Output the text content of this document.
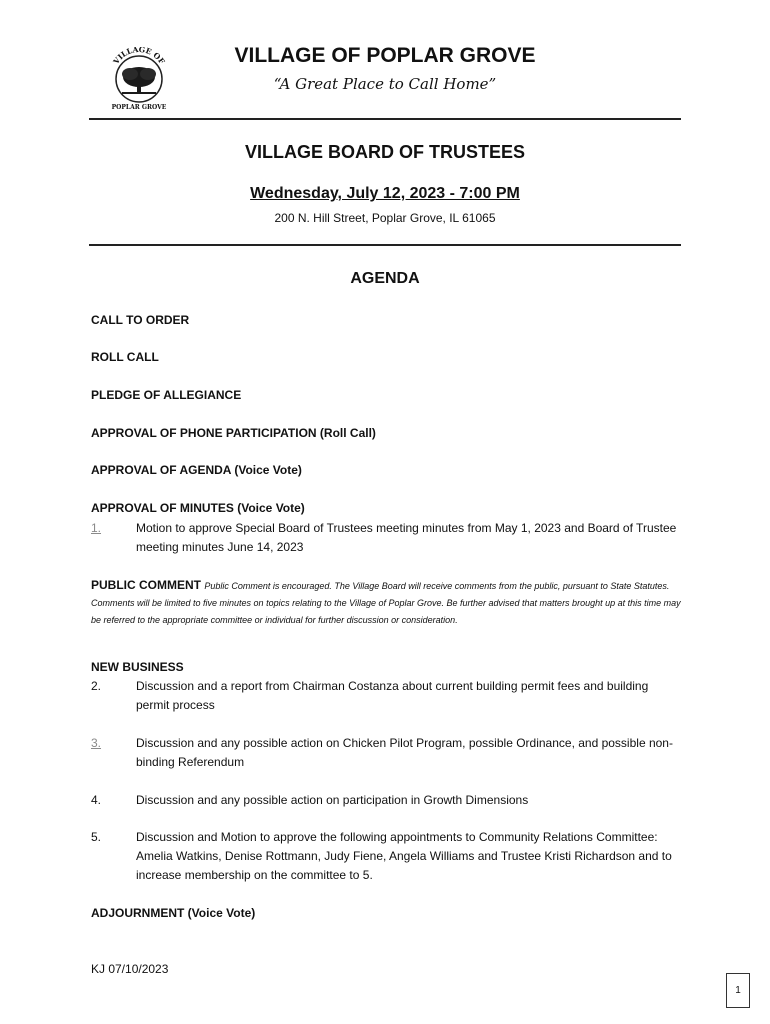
VILLAGE OF
POPLAR GROVE
VILLAGE OF POPLAR GROVE
“A Great Place to Call Home”
VILLAGE BOARD OF TRUSTEES
Wednesday, July 12, 2023 - 7:00 PM
200 N. Hill Street, Poplar Grove, IL 61065
AGENDA
CALL TO ORDER
ROLL CALL
PLEDGE OF ALLEGIANCE
APPROVAL OF PHONE PARTICIPATION (Roll Call)
APPROVAL OF AGENDA (Voice Vote)
APPROVAL OF MINUTES (Voice Vote)
1.	Motion to approve Special Board of Trustees meeting minutes from May 1, 2023 and Board of Trustee meeting minutes June 14, 2023
PUBLIC COMMENT Public Comment is encouraged. The Village Board will receive comments from the public, pursuant to State Statutes. Comments will be limited to five minutes on topics relating to the Village of Poplar Grove. Be further advised that matters brought up at this time may be referred to the appropriate committee or individual for further discussion or consideration.
NEW BUSINESS
2.	Discussion and a report from Chairman Costanza about current building permit fees and building permit process
3.	Discussion and any possible action on Chicken Pilot Program, possible Ordinance, and possible non-binding Referendum
4.	Discussion and any possible action on participation in Growth Dimensions
5.	Discussion and Motion to approve the following appointments to Community Relations Committee: Amelia Watkins, Denise Rottmann, Judy Fiene, Angela Williams and Trustee Kristi Richardson and to increase membership on the committee to 5.
ADJOURNMENT (Voice Vote)
KJ 07/10/2023
1
